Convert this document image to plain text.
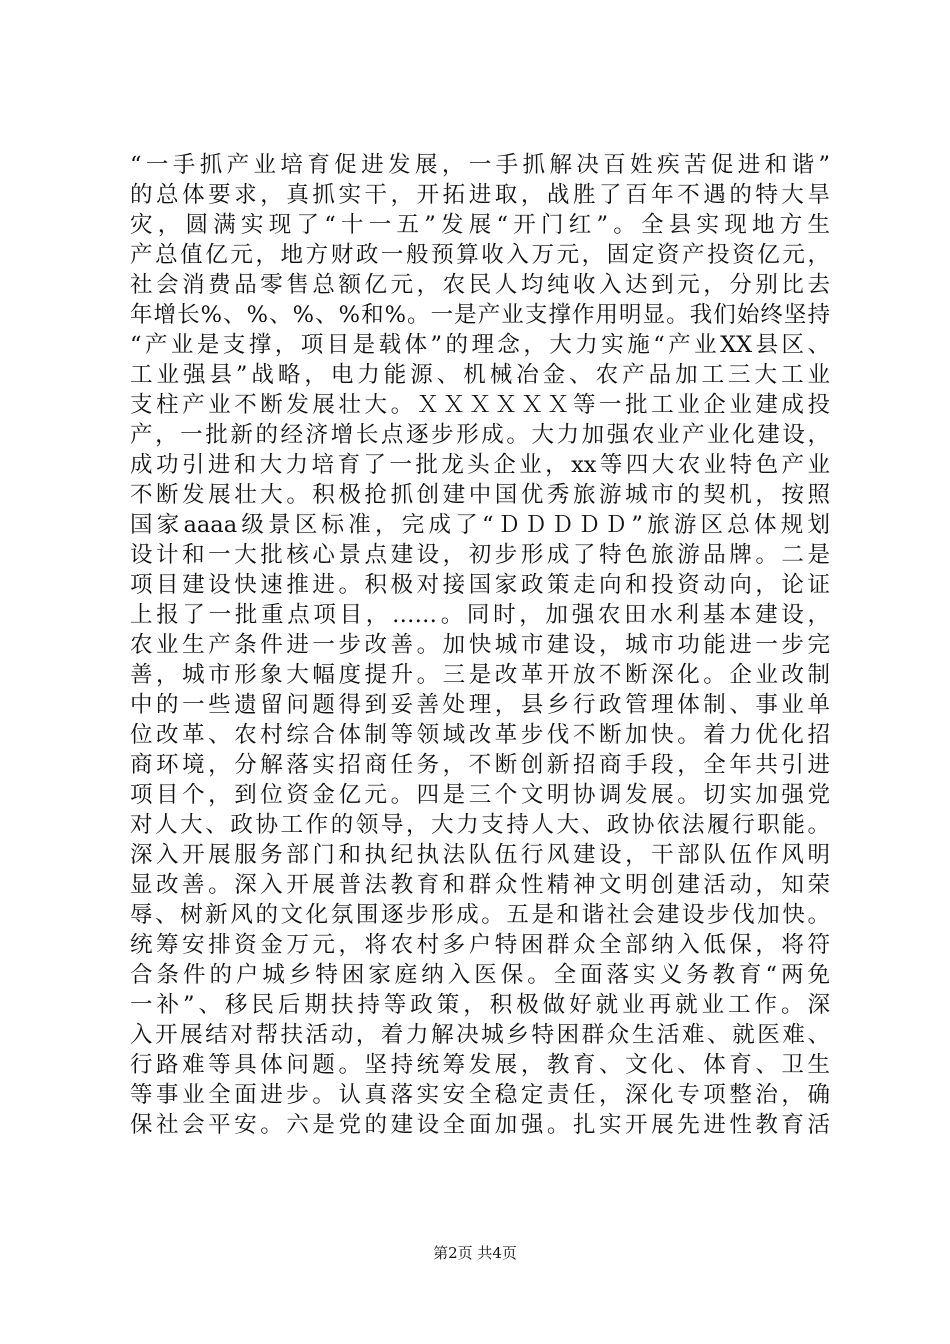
“一手抓产业培育促进发展，一手抓解决百姓疾苦促进和谐”
的总体要求，真抓实干，开拓进取，战胜了百年不遇的特大旱
灾，圆满实现了“十一五”发展“开门红”。全县实现地方生
产总值亿元，地方财政一般预算收入万元，固定资产投资亿元，
社会消费品零售总额亿元，农民人均纯收入达到元，分别比去
年增长%、%、%、%和%。一是产业支撑作用明显。我们始终坚持
“产业是支撑，项目是载体”的理念，大力实施“产业XX县区、
工业强县”战略，电力能源、机械冶金、农产品加工三大工业
支柱产业不断发展壮大。ＸＸＸＸＸＸ等一批工业企业建成投
产，一批新的经济增长点逐步形成。大力加强农业产业化建设，
成功引进和大力培育了一批龙头企业，xx等四大农业特色产业
不断发展壮大。积极抢抓创建中国优秀旅游城市的契机，按照
国家aaaa级景区标准，完成了“ＤＤＤＤＤ”旅游区总体规划
设计和一大批核心景点建设，初步形成了特色旅游品牌。二是
项目建设快速推进。积极对接国家政策走向和投资动向，论证
上报了一批重点项目，……。同时，加强农田水利基本建设，
农业生产条件进一步改善。加快城市建设，城市功能进一步完
善，城市形象大幅度提升。三是改革开放不断深化。企业改制
中的一些遗留问题得到妥善处理，县乡行政管理体制、事业单
位改革、农村综合体制等领域改革步伐不断加快。着力优化招
商环境，分解落实招商任务，不断创新招商手段，全年共引进
项目个，到位资金亿元。四是三个文明协调发展。切实加强党
对人大、政协工作的领导，大力支持人大、政协依法履行职能。
深入开展服务部门和执纪执法队伍行风建设，干部队伍作风明
显改善。深入开展普法教育和群众性精神文明创建活动，知荣
辱、树新风的文化氛围逐步形成。五是和谐社会建设步伐加快。
统筹安排资金万元，将农村多户特困群众全部纳入低保，将符
合条件的户城乡特困家庭纳入医保。全面落实义务教育“两免
一补”、移民后期扶持等政策，积极做好就业再就业工作。深
入开展结对帮扶活动，着力解决城乡特困群众生活难、就医难、
行路难等具体问题。坚持统筹发展，教育、文化、体育、卫生
等事业全面进步。认真落实安全稳定责任，深化专项整治，确
保社会平安。六是党的建设全面加强。扎实开展先进性教育活
第2页 共4页
